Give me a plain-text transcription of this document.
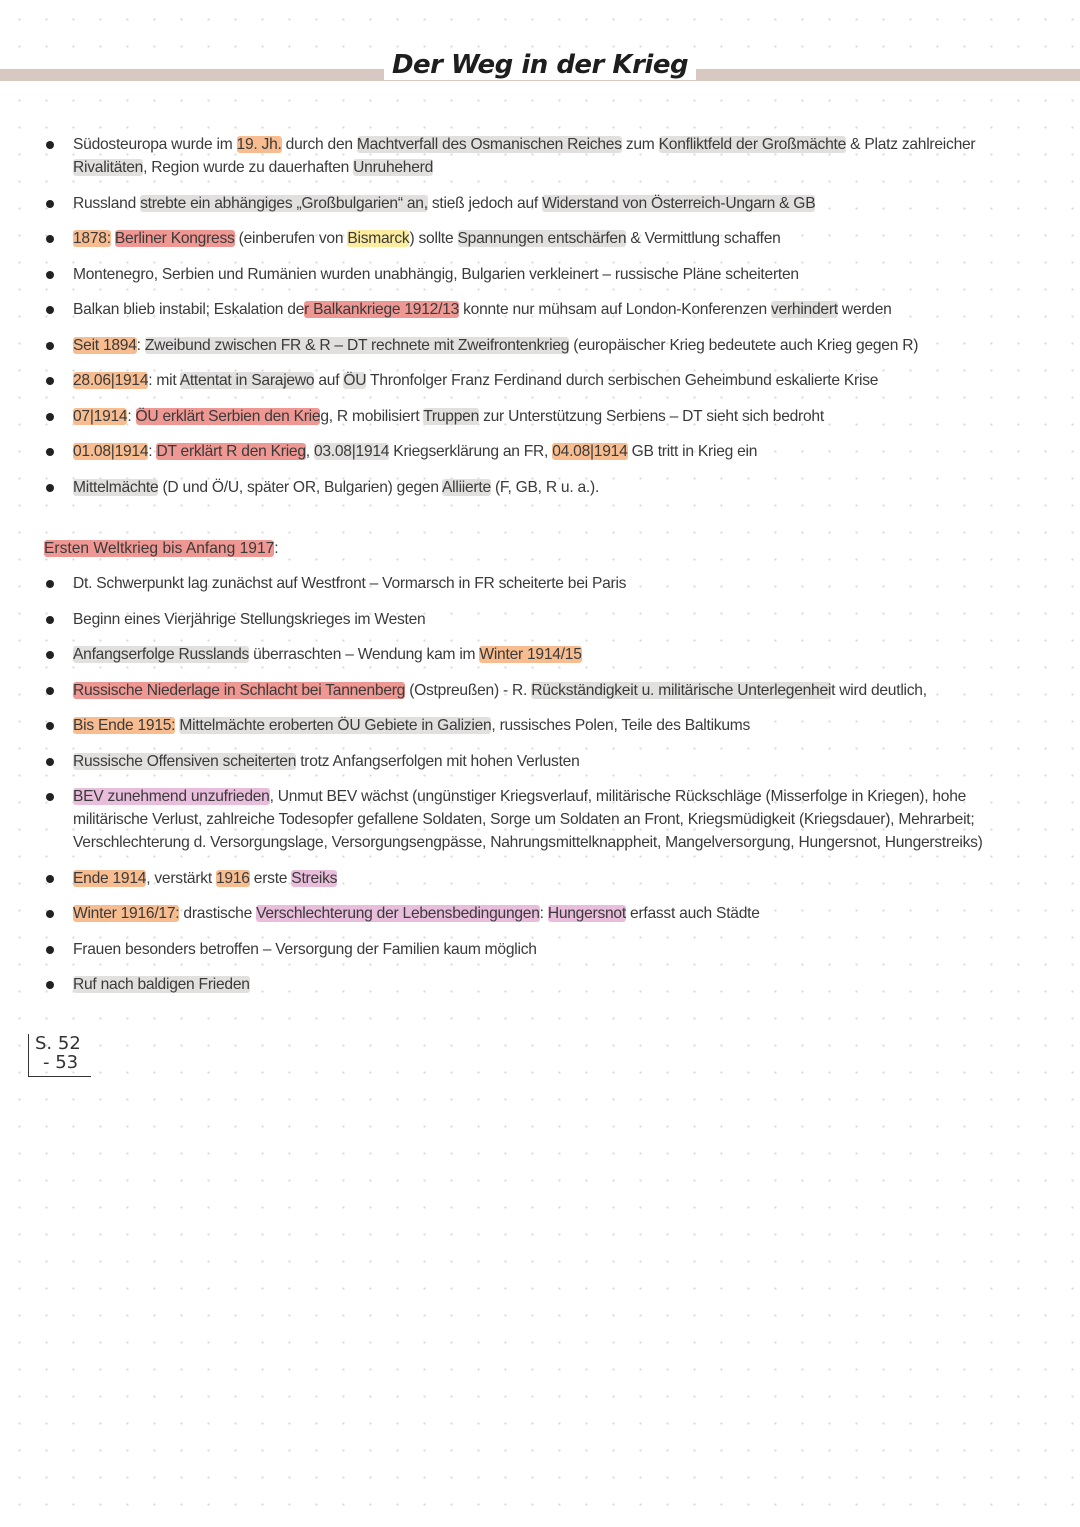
Der Weg in der Krieg
Südosteuropa wurde im 19. Jh. durch den Machtverfall des Osmanischen Reiches zum Konfliktfeld der Großmächte & Platz zahlreicher Rivalitäten, Region wurde zu dauerhaften Unruheherd
Russland strebte ein abhängiges „Großbulgarien“ an, stieß jedoch auf Widerstand von Österreich-Ungarn & GB
1878: Berliner Kongress (einberufen von Bismarck) sollte Spannungen entschärfen & Vermittlung schaffen
Montenegro, Serbien und Rumänien wurden unabhängig, Bulgarien verkleinert – russische Pläne scheiterten
Balkan blieb instabil; Eskalation der Balkankriege 1912/13 konnte nur mühsam auf London-Konferenzen verhindert werden
Seit 1894: Zweibund zwischen FR & R – DT rechnete mit Zweifrontenkrieg (europäischer Krieg bedeutete auch Krieg gegen R)
28.06|1914: mit Attentat in Sarajewo auf ÖU Thronfolger Franz Ferdinand durch serbischen Geheimbund eskalierte Krise
07|1914: ÖU erklärt Serbien den Krieg, R mobilisiert Truppen zur Unterstützung Serbiens – DT sieht sich bedroht
01.08|1914: DT erklärt R den Krieg, 03.08|1914 Kriegserklärung an FR, 04.08|1914 GB tritt in Krieg ein
Mittelmächte (D und Ö/U, später OR, Bulgarien) gegen Alliierte (F, GB, R u. a.).
Ersten Weltkrieg bis Anfang 1917:
Dt. Schwerpunkt lag zunächst auf Westfront – Vormarsch in FR scheiterte bei Paris
Beginn eines Vierjährige Stellungskrieges im Westen
Anfangserfolge Russlands überraschten – Wendung kam im Winter 1914/15
Russische Niederlage in Schlacht bei Tannenberg (Ostpreußen) - R. Rückständigkeit u. militärische Unterlegenheit wird deutlich,
Bis Ende 1915: Mittelmächte eroberten ÖU Gebiete in Galizien, russisches Polen, Teile des Baltikums
Russische Offensiven scheiterten trotz Anfangserfolgen mit hohen Verlusten
BEV zunehmend unzufrieden, Unmut BEV wächst (ungünstiger Kriegsverlauf, militärische Rückschläge (Misserfolge in Kriegen), hohe militärische Verlust, zahlreiche Todesopfer gefallene Soldaten, Sorge um Soldaten an Front, Kriegsmüdigkeit (Kriegsdauer), Mehrarbeit; Verschlechterung d. Versorgungslage, Versorgungsengpässe, Nahrungsmittelknappheit, Mangelversorgung, Hungersnot, Hungerstreiks)
Ende 1914, verstärkt 1916 erste Streiks
Winter 1916/17: drastische Verschlechterung der Lebensbedingungen: Hungersnot erfasst auch Städte
Frauen besonders betroffen – Versorgung der Familien kaum möglich
Ruf nach baldigen Frieden
S. 52
- 53
